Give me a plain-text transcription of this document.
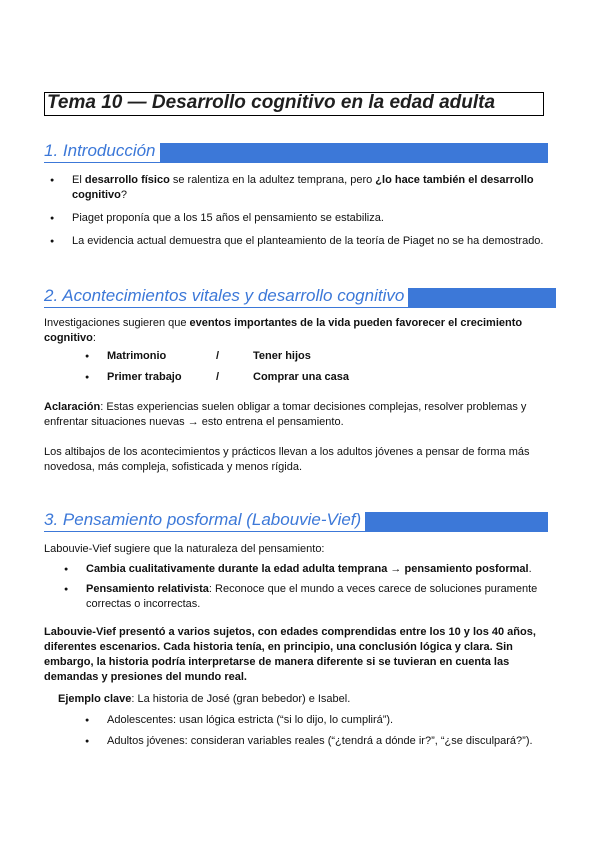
Tema 10 — Desarrollo cognitivo en la edad adulta
1. Introducción
El desarrollo físico se ralentiza en la adultez temprana, pero ¿lo hace también el desarrollo
cognitivo?
Piaget proponía que a los 15 años el pensamiento se estabiliza.
La evidencia actual demuestra que el planteamiento de la teoría de Piaget no se ha demostrado.
2. Acontecimientos vitales y desarrollo cognitivo
Investigaciones sugieren que eventos importantes de la vida pueden favorecer el crecimiento
cognitivo:
Matrimonio	/	Tener hijos
Primer trabajo	/	Comprar una casa
Aclaración: Estas experiencias suelen obligar a tomar decisiones complejas, resolver problemas y
enfrentar situaciones nuevas → esto entrena el pensamiento.
Los altibajos de los acontecimientos y prácticos llevan a los adultos jóvenes a pensar de forma más
novedosa, más compleja, sofisticada y menos rígida.
3. Pensamiento posformal (Labouvie-Vief)
Labouvie-Vief sugiere que la naturaleza del pensamiento:
Cambia cualitativamente durante la edad adulta temprana → pensamiento posformal.
Pensamiento relativista: Reconoce que el mundo a veces carece de soluciones puramente
correctas o incorrectas.
Labouvie-Vief presentó a varios sujetos, con edades comprendidas entre los 10 y los 40 años,
diferentes escenarios. Cada historia tenía, en principio, una conclusión lógica y clara. Sin
embargo, la historia podría interpretarse de manera diferente si se tuvieran en cuenta las
demandas y presiones del mundo real.
Ejemplo clave: La historia de José (gran bebedor) e Isabel.
Adolescentes: usan lógica estricta (“si lo dijo, lo cumplirá”).
Adultos jóvenes: consideran variables reales (“¿tendrá a dónde ir?”, “¿se disculpará?”).
